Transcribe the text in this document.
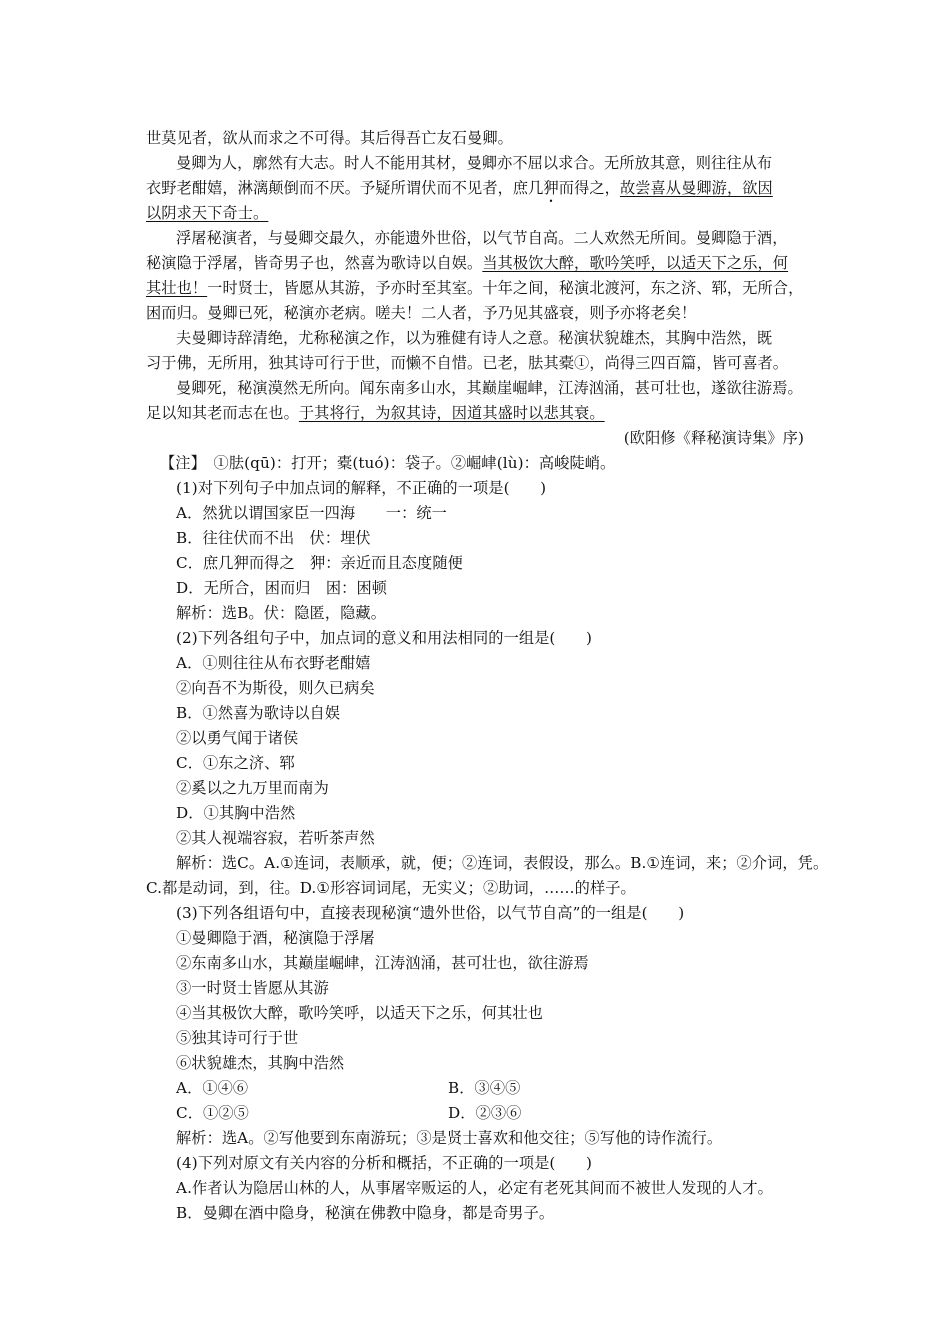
世莫见者，欲从而求之不可得。其后得吾亡友石曼卿。
曼卿为人，廓然有大志。时人不能用其材，曼卿亦不屈以求合。无所放其意，则往往从布
衣野老酣嬉，淋漓颠倒而不厌。予疑所谓伏而不见者，庶几狎而得之，故尝喜从曼卿游，欲因
以阴求天下奇士。
浮屠秘演者，与曼卿交最久，亦能遗外世俗，以气节自高。二人欢然无所间。曼卿隐于酒，
秘演隐于浮屠，皆奇男子也，然喜为歌诗以自娱。当其极饮大醉，歌吟笑呼，以适天下之乐，何
其壮也！一时贤士，皆愿从其游，予亦时至其室。十年之间，秘演北渡河，东之济、郓，无所合，
困而归。曼卿已死，秘演亦老病。嗟夫！二人者，予乃见其盛衰，则予亦将老矣！
夫曼卿诗辞清绝，尤称秘演之作，以为雅健有诗人之意。秘演状貌雄杰，其胸中浩然，既
习于佛，无所用，独其诗可行于世，而懒不自惜。已老，胠其橐①，尚得三四百篇，皆可喜者。
曼卿死，秘演漠然无所向。闻东南多山水，其巅崖崛峍，江涛汹涌，甚可壮也，遂欲往游焉。
足以知其老而志在也。于其将行，为叙其诗，因道其盛时以悲其衰。
(欧阳修《释秘演诗集》序)
【注】　①胠(qū)：打开；橐(tuó)：袋子。②崛峍(lù)：高峻陡峭。
(1)对下列句子中加点词的解释，不正确的一项是(　　)
A．然犹以谓国家臣一四海　　一：统一
B．往往伏而不出　伏：埋伏
C．庶几狎而得之　狎：亲近而且态度随便
D．无所合，困而归　困：困顿
解析：选B。伏：隐匿，隐藏。
(2)下列各组句子中，加点词的意义和用法相同的一组是(　　)
A．①则往往从布衣野老酣嬉
②向吾不为斯役，则久已病矣
B．①然喜为歌诗以自娱
②以勇气闻于诸侯
C．①东之济、郓
②奚以之九万里而南为
D．①其胸中浩然
②其人视端容寂，若听茶声然
解析：选C。A.①连词，表顺承，就，便；②连词，表假设，那么。B.①连词，来；②介词，凭。
C.都是动词，到，往。D.①形容词词尾，无实义；②助词，……的样子。
(3)下列各组语句中，直接表现秘演“遗外世俗，以气节自高”的一组是(　　)
①曼卿隐于酒，秘演隐于浮屠
②东南多山水，其巅崖崛峍，江涛汹涌，甚可壮也，欲往游焉
③一时贤士皆愿从其游
④当其极饮大醉，歌吟笑呼，以适天下之乐，何其壮也
⑤独其诗可行于世
⑥状貌雄杰，其胸中浩然
A．①④⑥	B．③④⑤
C．①②⑤	D．②③⑥
解析：选A。②写他要到东南游玩；③是贤士喜欢和他交往；⑤写他的诗作流行。
(4)下列对原文有关内容的分析和概括，不正确的一项是(　　)
A.作者认为隐居山林的人，从事屠宰贩运的人，必定有老死其间而不被世人发现的人才。
B．曼卿在酒中隐身，秘演在佛教中隐身，都是奇男子。
